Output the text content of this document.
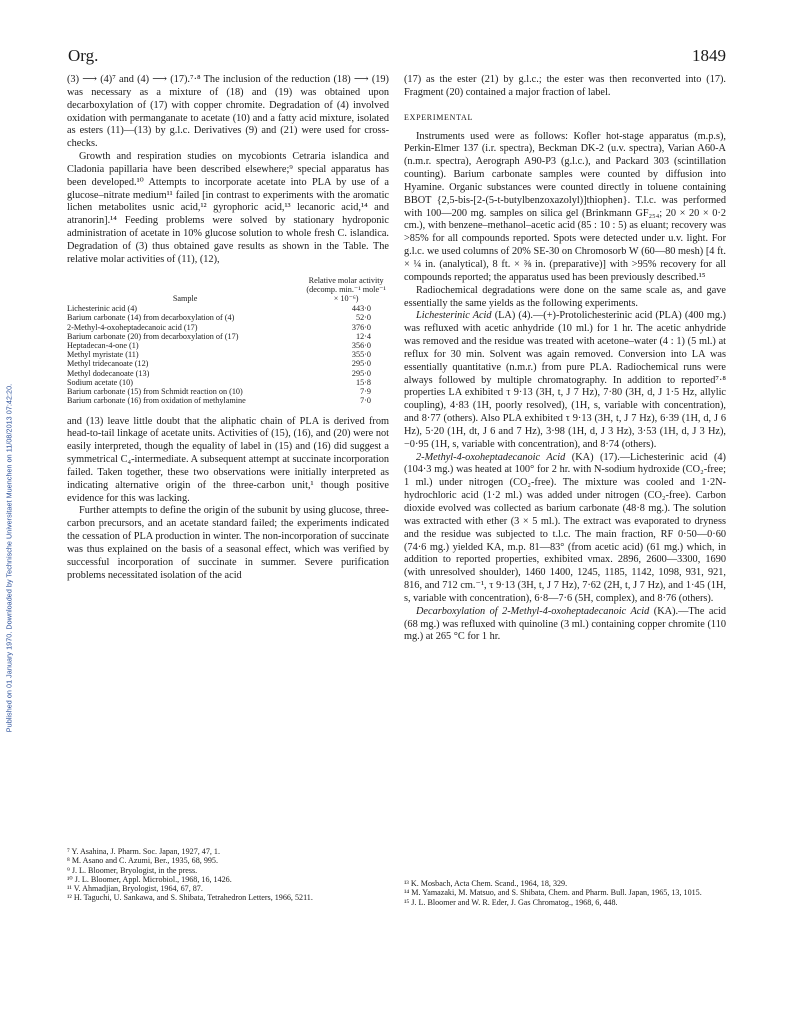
Published on 01 January 1970. Downloaded by Technische Universitaet Muenchen on 11/08/2013 07:42:20.
Org.	1849

(3) ⟶ (4)⁷ and (4) ⟶ (17).⁷·⁸ The inclusion of the reduction (18) ⟶ (19) was necessary as a mixture of (18) and (19) was obtained upon decarboxylation of (17) with copper chromite. Degradation of (4) involved oxidation with permanganate to acetate (10) and a fatty acid mixture, isolated as esters (11)—(13) by g.l.c. Derivatives (9) and (21) were used for cross-checks.

Growth and respiration studies on mycobionts Cetraria islandica and Cladonia papillaria have been described elsewhere;⁹ special apparatus has been developed.¹⁰ Attempts to incorporate acetate into PLA by use of a glucose–nitrate medium¹¹ failed [in contrast to experiments with the aromatic lichen metabolites usnic acid,¹² gyrophoric acid,¹³ lecanoric acid,¹⁴ and atranorin].¹⁴ Feeding problems were solved by stationary hydroponic administration of acetate in 10% glucose solution to whole fresh C. islandica. Degradation of (3) thus obtained gave results as shown in the Table. The relative molar activities of (11), (12),

Sample	Relative molar activity (decomp. min.⁻¹ mole⁻¹ × 10⁻⁶)
Lichesterinic acid (4)	443·0
Barium carbonate (14) from decarboxylation of (4)	52·0
2-Methyl-4-oxoheptadecanoic acid (17)	376·0
Barium carbonate (20) from decarboxylation of (17)	12·4
Heptadecan-4-one (1)	356·0
Methyl myristate (11)	355·0
Methyl tridecanoate (12)	295·0
Methyl dodecanoate (13)	295·0
Sodium acetate (10)	15·8
Barium carbonate (15) from Schmidt reaction on (10)	7·9
Barium carbonate (16) from oxidation of methylamine	7·0

and (13) leave little doubt that the aliphatic chain of PLA is derived from head-to-tail linkage of acetate units. Activities of (15), (16), and (20) were not easily interpreted, though the equality of label in (15) and (16) did suggest a symmetrical C₄-intermediate. A subsequent attempt at succinate incorporation failed. Taken together, these two observations were initially interpreted as indicating alternative origin of the three-carbon unit,¹ though positive evidence for this was lacking.

Further attempts to define the origin of the subunit by using glucose, three-carbon precursors, and an acetate standard failed; the experiments indicated the cessation of PLA production in winter. The non-incorporation of succinate was thus explained on the basis of a seasonal effect, which was verified by successful incorporation of succinate in summer. Severe purification problems necessitated isolation of the acid

(17) as the ester (21) by g.l.c.; the ester was then reconverted into (17). Fragment (20) contained a major fraction of label.

EXPERIMENTAL

Instruments used were as follows: Kofler hot-stage apparatus (m.p.s), Perkin-Elmer 137 (i.r. spectra), Beckman DK-2 (u.v. spectra), Varian A60-A (n.m.r. spectra), Aerograph A90-P3 (g.l.c.), and Packard 303 (scintillation counting). Barium carbonate samples were counted by diffusion into Hyamine. Organic substances were counted directly in toluene containing BBOT {2,5-bis-[2-(5-t-butylbenzoxazolyl)]thiophen}. T.l.c. was performed with 100—200 mg. samples on silica gel (Brinkmann GF₂₅₄; 20 × 20 × 0·2 cm.), with benzene–methanol–acetic acid (85 : 10 : 5) as eluant; recovery was >85% for all compounds reported. Spots were detected under u.v. light. For g.l.c. we used columns of 20% SE-30 on Chromosorb W (60—80 mesh) [4 ft. × ¼ in. (analytical), 8 ft. × ⅜ in. (preparative)] with >95% recovery for all compounds reported; the apparatus used has been previously described.¹⁵

Radiochemical degradations were done on the same scale as, and gave essentially the same yields as the following experiments.

Lichesterinic Acid (LA) (4).—(+)-Protolichesterinic acid (PLA) (400 mg.) was refluxed with acetic anhydride (10 ml.) for 1 hr. The acetic anhydride was removed and the residue was treated with acetone–water (4 : 1) (5 ml.) at reflux for 30 min. Solvent was again removed. Conversion into LA was essentially quantitative (n.m.r.) from pure PLA. Radiochemical runs were always followed by multiple chromatography. In addition to reported⁷·⁸ properties LA exhibited τ 9·13 (3H, t, J 7 Hz), 7·80 (3H, d, J 1·5 Hz, allylic coupling), 4·83 (1H, poorly resolved), (1H, s, variable with concentration), and 8·77 (others). Also PLA exhibited τ 9·13 (3H, t, J 7 Hz), 6·39 (1H, d, J 6 Hz), 5·20 (1H, dt, J 6 and 7 Hz), 3·98 (1H, d, J 3 Hz), 3·53 (1H, d, J 3 Hz), −0·95 (1H, s, variable with concentration), and 8·74 (others).

2-Methyl-4-oxoheptadecanoic Acid (KA) (17).—Lichesterinic acid (4) (104·3 mg.) was heated at 100° for 2 hr. with N-sodium hydroxide (CO₂-free; 1 ml.) under nitrogen (CO₂-free). The mixture was cooled and 1·2N-hydrochloric acid (1·2 ml.) was added under nitrogen (CO₂-free). Carbon dioxide evolved was collected as barium carbonate (48·8 mg.). The solution was extracted with ether (3 × 5 ml.). The extract was evaporated to dryness and the residue was subjected to t.l.c. The main fraction, RF 0·50—0·60 (74·6 mg.) yielded KA, m.p. 81—83° (from acetic acid) (61 mg.) which, in addition to reported properties, exhibited νmax. 2896, 2600—3300, 1690 (with unresolved shoulder), 1460 1400, 1245, 1185, 1142, 1098, 931, 921, 816, and 712 cm.⁻¹, τ 9·13 (3H, t, J 7 Hz), 7·62 (2H, t, J 7 Hz), and 1·45 (1H, s, variable with concentration), 6·8—7·6 (5H, complex), and 8·76 (others).

Decarboxylation of 2-Methyl-4-oxoheptadecanoic Acid (KA).—The acid (68 mg.) was refluxed with quinoline (3 ml.) containing copper chromite (110 mg.) at 265 °C for 1 hr.

⁷ Y. Asahina, J. Pharm. Soc. Japan, 1927, 47, 1.
⁸ M. Asano and C. Azumi, Ber., 1935, 68, 995.
⁹ J. L. Bloomer, Bryologist, in the press.
¹⁰ J. L. Bloomer, Appl. Microbiol., 1968, 16, 1426.
¹¹ V. Ahmadjian, Bryologist, 1964, 67, 87.
¹² H. Taguchi, U. Sankawa, and S. Shibata, Tetrahedron Letters, 1966, 5211.
¹³ K. Mosbach, Acta Chem. Scand., 1964, 18, 329.
¹⁴ M. Yamazaki, M. Matsuo, and S. Shibata, Chem. and Pharm. Bull. Japan, 1965, 13, 1015.
¹⁵ J. L. Bloomer and W. R. Eder, J. Gas Chromatog., 1968, 6, 448.
